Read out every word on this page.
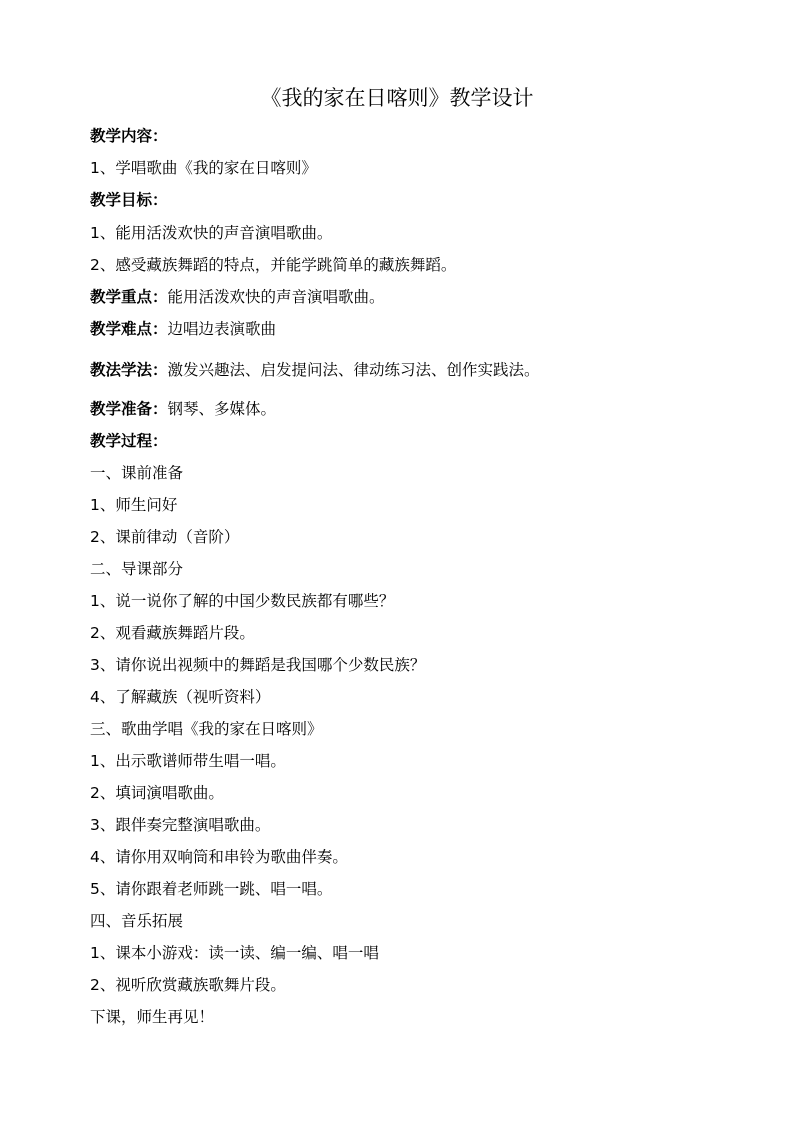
《我的家在日喀则》教学设计
教学内容：
1、学唱歌曲《我的家在日喀则》
教学目标：
1、能用活泼欢快的声音演唱歌曲。
2、感受藏族舞蹈的特点，并能学跳简单的藏族舞蹈。
教学重点：能用活泼欢快的声音演唱歌曲。
教学难点：边唱边表演歌曲
教法学法：激发兴趣法、启发提问法、律动练习法、创作实践法。
教学准备：钢琴、多媒体。
教学过程：
一、课前准备
1、师生问好
2、课前律动（音阶）
二、导课部分
1、说一说你了解的中国少数民族都有哪些？
2、观看藏族舞蹈片段。
3、请你说出视频中的舞蹈是我国哪个少数民族？
4、了解藏族（视听资料）
三、歌曲学唱《我的家在日喀则》
1、出示歌谱师带生唱一唱。
2、填词演唱歌曲。
3、跟伴奏完整演唱歌曲。
4、请你用双响筒和串铃为歌曲伴奏。
5、请你跟着老师跳一跳、唱一唱。
四、音乐拓展
1、课本小游戏：读一读、编一编、唱一唱
2、视听欣赏藏族歌舞片段。
下课，师生再见！
